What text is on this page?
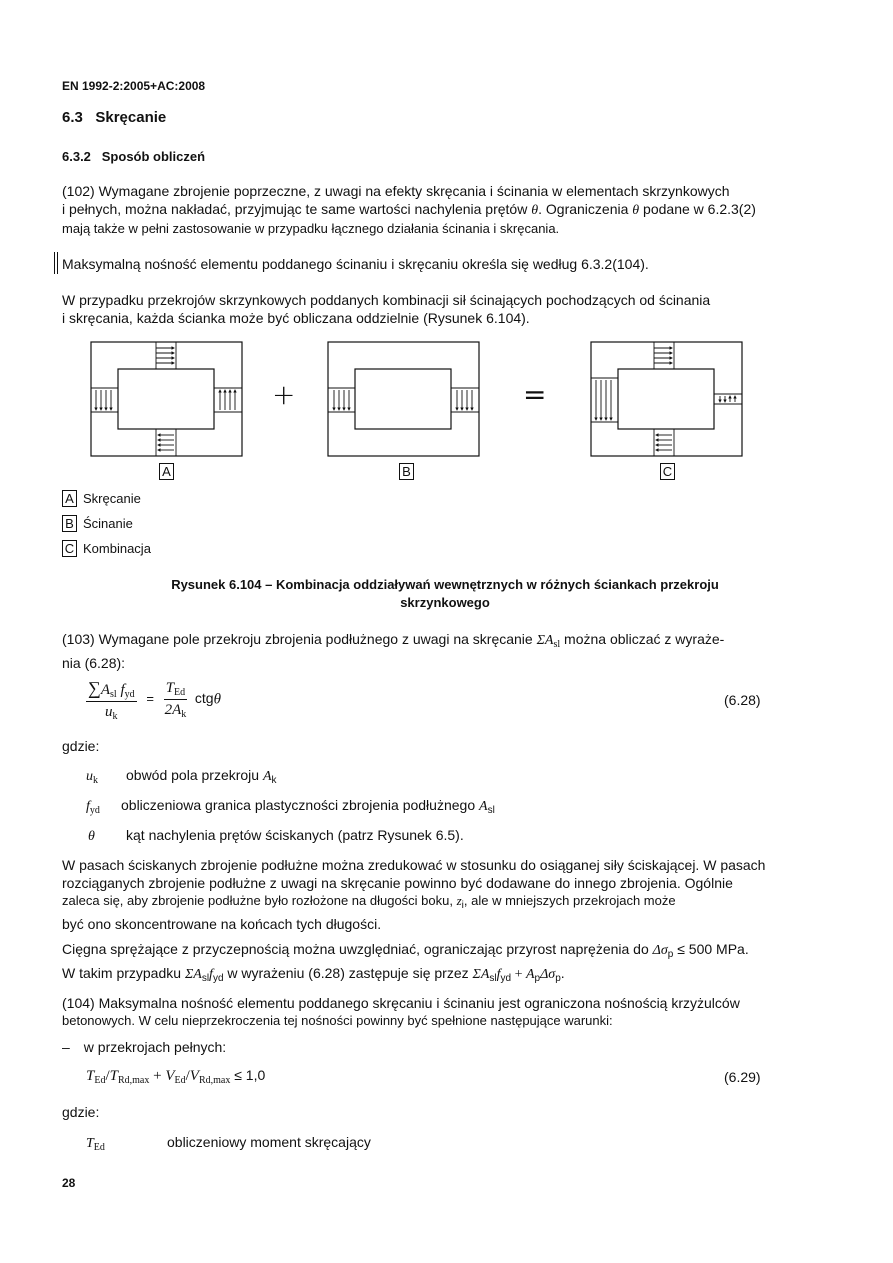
EN 1992-2:2005+AC:2008
6.3 Skręcanie
6.3.2 Sposób obliczeń
(102) Wymagane zbrojenie poprzeczne, z uwagi na efekty skręcania i ścinania w elementach skrzynkowych
i pełnych, można nakładać, przyjmując te same wartości nachylenia prętów θ. Ograniczenia θ podane w 6.2.3(2)
mają także w pełni zastosowanie w przypadku łącznego działania ścinania i skręcania.
Maksymalną nośność elementu poddanego ścinaniu i skręcaniu określa się według 6.3.2(104).
W przypadku przekrojów skrzynkowych poddanych kombinacji sił ścinających pochodzących od ścinania
i skręcania, każda ścianka może być obliczana oddzielnie (Rysunek 6.104).
+	=
A	B	C
A Skręcanie
B Ścinanie
C Kombinacja
Rysunek 6.104 – Kombinacja oddziaływań wewnętrznych w różnych ściankach przekroju
skrzynkowego
(103) Wymagane pole przekroju zbrojenia podłużnego z uwagi na skręcanie $\Sigma A_{sl}$ można obliczać z wyraże-
nia (6.28):
$\frac{\sum A_{sl} f_{yd}}{u_k} = \frac{T_{Ed}}{2A_k}$ ctgθ	(6.28)
gdzie:
$u_k$ obwód pola przekroju $A_k$
$f_{yd}$ obliczeniowa granica plastyczności zbrojenia podłużnego $A_{sl}$
θ kąt nachylenia prętów ściskanych (patrz Rysunek 6.5).
W pasach ściskanych zbrojenie podłużne można zredukować w stosunku do osiąganej siły ściskającej. W pasach
rozciąganych zbrojenie podłużne z uwagi na skręcanie powinno być dodawane do innego zbrojenia. Ogólnie
zaleca się, aby zbrojenie podłużne było rozłożone na długości boku, $z_i$, ale w mniejszych przekrojach może
być ono skoncentrowane na końcach tych długości.
Cięgna sprężające z przyczepnością można uwzględniać, ograniczając przyrost naprężenia do $\Delta\sigma_p \le 500$ MPa.
W takim przypadku $\Sigma A_{sl}f_{yd}$ w wyrażeniu (6.28) zastępuje się przez $\Sigma A_{sl}f_{yd} + A_p\Delta\sigma_p$.
(104) Maksymalna nośność elementu poddanego skręcaniu i ścinaniu jest ograniczona nośnością krzyżulców
betonowych. W celu nieprzekroczenia tej nośności powinny być spełnione następujące warunki:
– w przekrojach pełnych:
$T_{Ed}/T_{Rd,max} + V_{Ed}/V_{Rd,max} \le 1,0$	(6.29)
gdzie:
$T_{Ed}$	obliczeniowy moment skręcający
28
